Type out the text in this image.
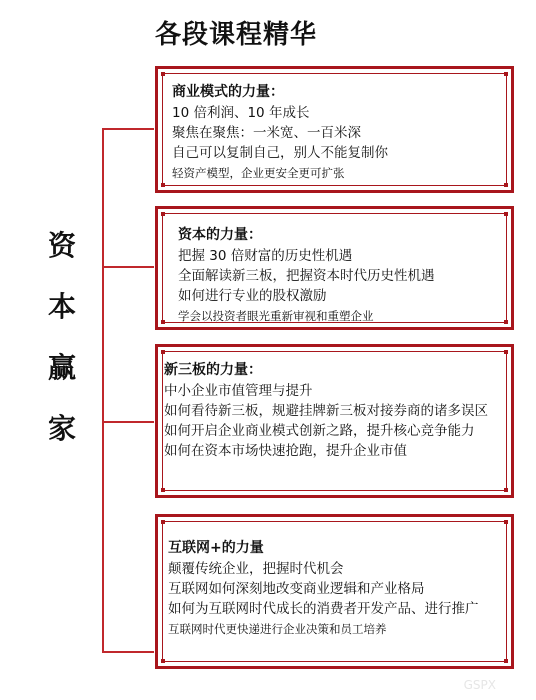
各段课程精华
资
本
赢
家
商业模式的力量：
10 倍利润、10 年成长
聚焦在聚焦：一米宽、一百米深
自己可以复制自己，别人不能复制你
轻资产模型，企业更安全更可扩张
资本的力量：
把握 30 倍财富的历史性机遇
全面解读新三板，把握资本时代历史性机遇
如何进行专业的股权激励
学会以投资者眼光重新审视和重塑企业
新三板的力量：
中小企业市值管理与提升
如何看待新三板，规避挂牌新三板对接券商的诸多误区
如何开启企业商业模式创新之路，提升核心竞争能力
如何在资本市场快速抢跑，提升企业市值
互联网+的力量
颠覆传统企业，把握时代机会
互联网如何深刻地改变商业逻辑和产业格局
如何为互联网时代成长的消费者开发产品、进行推广
互联网时代更快递进行企业决策和员工培养
GSPX
